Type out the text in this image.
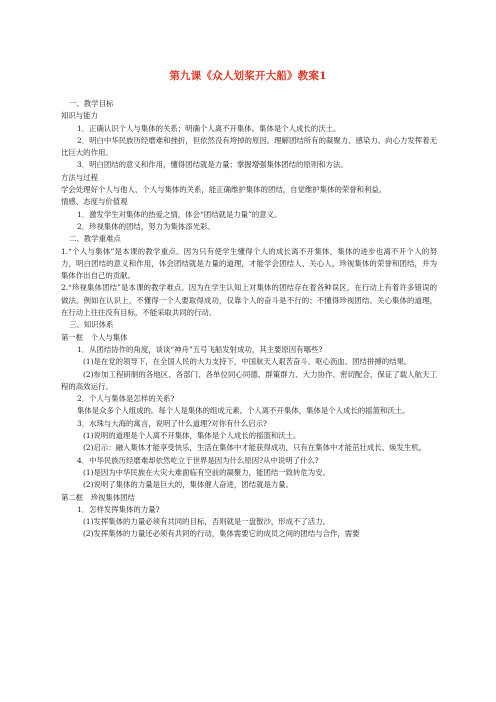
第九课《众人划桨开大船》教案1

一、教学目标

知识与能力

1．正确认识个人与集体的关系；明确个人离不开集体。集体是个人成长的沃土。

2．明白中华民族历经磨难和挫折，但依然没有垮掉的原因。理解团结所有的凝聚力、感染力、向心力发挥着无比巨大的作用。

3．明白团结的意义和作用，懂得团结就是力量；掌握增强集体团结的原则和方法。

方法与过程

学会处理好个人与他人、个人与集体的关系，能正确维护集体的团结，自觉维护集体的荣誉和利益。

情感、态度与价值观

1．激发学生对集体的热爱之情，体会“团结就是力量”的意义。

2．珍视集体的团结，努力为集体添光彩。

二、教学重难点

1.“个人与集体”是本课的教学重点。因为只有使学生懂得个人的成长离不开集体，集体的进步也离不开个人的努力，明白团结的意义和作用，体会团结就是力量的道理，才能学会团结人、关心人，珍视集体的荣誉和团结，并为集体作出自己的贡献。

2.“珍视集体团结”是本课的教学难点。因为在学生认知上对集体的团结存在着各种误区，在行动上有着许多错误的做法。例如在认识上，不懂得一个人要取得成功，仅靠个人的奋斗是不行的；不懂得珍视团结、关心集体的道理，在行动上往往没有目标，不能采取共同的行动。

三、知识体系

第一框　个人与集体

1．从团结协作的角度，谈谈“神舟”五号飞船发射成功，其主要原因有哪些?

(1)是在党的领导下，在全国人民的大力支持下，中国航天人艰苦奋斗、呕心沥血、团结拼搏的结果。

(2)参加工程研制的各地区、各部门、各单位同心同德、群策群力、大力协作、密切配合，保证了载人航天工程的高效运行。

2．个人与集体是怎样的关系?

集体是众多个人组成的。每个人是集体的组成元素。个人离不开集体，集体是个人成长的摇篮和沃土。

3．水珠与大海的寓言，说明了什么道理?对你有什么启示?

(1)说明的道理是个人离不开集体，集体是个人成长的摇篮和沃土。

(2)启示：融入集体才能享受快乐，生活在集体中才能获得成功，只有在集体中才能茁壮成长、焕发生机。

4．中华民族历经磨难却依然屹立于世界是因为什么原因?从中说明了什么?

(1)是因为中华民族在大灾大难面临有空前的凝聚力，能团结一致转危为安。

(2)说明了集体的力量是巨大的，集体催人奋进，团结就是力量。

第二框　珍视集体团结

1．怎样发挥集体的力量?

(1)发挥集体的力量必须有共同的目标，否则就是一盘散沙，形成不了活力。

(2)发挥集体的力量还必须有共同的行动，集体需要它的成员之间的团结与合作，需要
